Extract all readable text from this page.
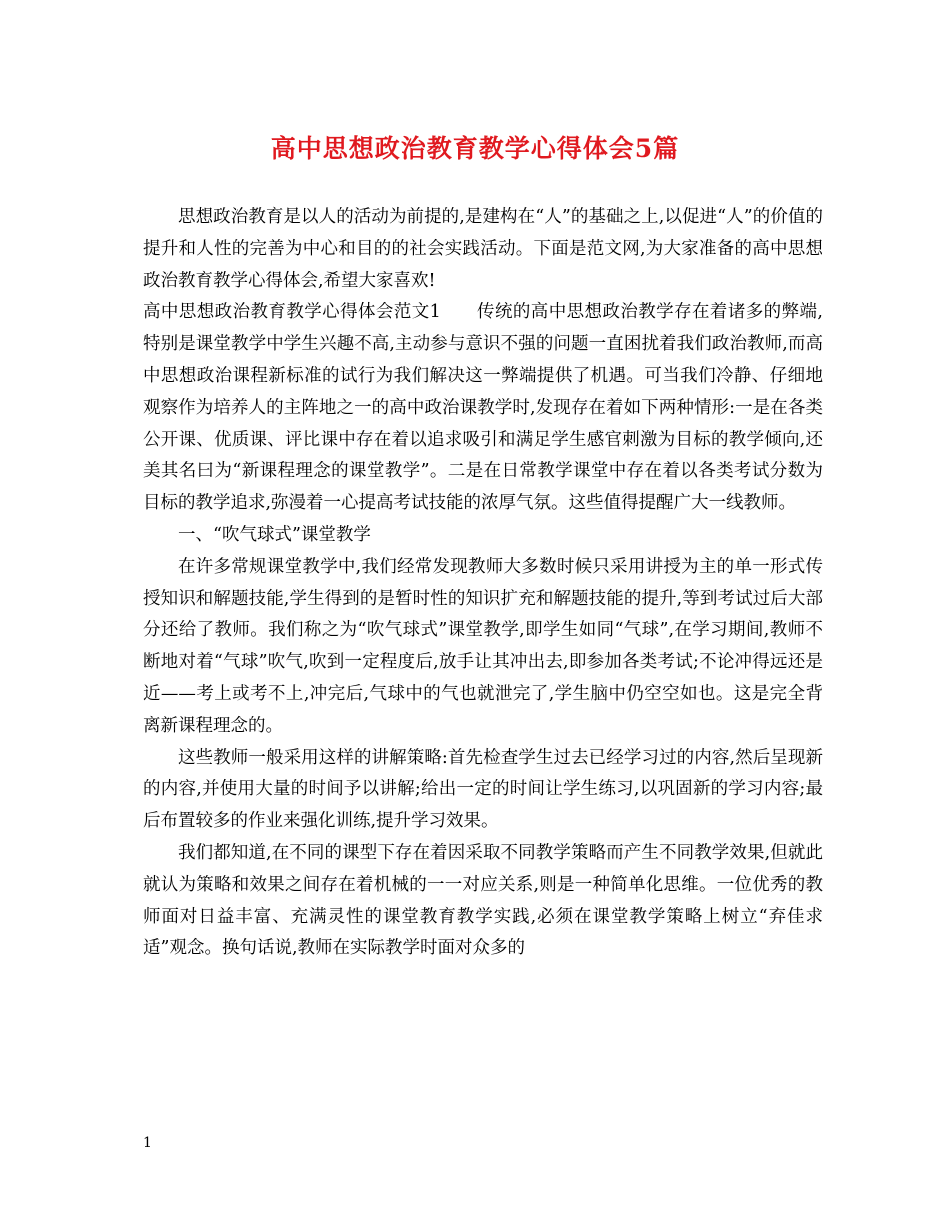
高中思想政治教育教学心得体会5篇

思想政治教育是以人的活动为前提的,是建构在“人”的基础之上,以促进“人”的价值的提升和人性的完善为中心和目的的社会实践活动。下面是范文网,为大家准备的高中思想政治教育教学心得体会,希望大家喜欢!

高中思想政治教育教学心得体会范文1　　传统的高中思想政治教学存在着诸多的弊端,特别是课堂教学中学生兴趣不高,主动参与意识不强的问题一直困扰着我们政治教师,而高中思想政治课程新标准的试行为我们解决这一弊端提供了机遇。可当我们冷静、仔细地观察作为培养人的主阵地之一的高中政治课教学时,发现存在着如下两种情形:一是在各类公开课、优质课、评比课中存在着以追求吸引和满足学生感官刺激为目标的教学倾向,还美其名曰为“新课程理念的课堂教学”。二是在日常教学课堂中存在着以各类考试分数为目标的教学追求,弥漫着一心提高考试技能的浓厚气氛。这些值得提醒广大一线教师。

一、“吹气球式”课堂教学

在许多常规课堂教学中,我们经常发现教师大多数时候只采用讲授为主的单一形式传授知识和解题技能,学生得到的是暂时性的知识扩充和解题技能的提升,等到考试过后大部分还给了教师。我们称之为“吹气球式”课堂教学,即学生如同“气球”,在学习期间,教师不断地对着“气球”吹气,吹到一定程度后,放手让其冲出去,即参加各类考试;不论冲得远还是近——考上或考不上,冲完后,气球中的气也就泄完了,学生脑中仍空空如也。这是完全背离新课程理念的。

这些教师一般采用这样的讲解策略:首先检查学生过去已经学习过的内容,然后呈现新的内容,并使用大量的时间予以讲解;给出一定的时间让学生练习,以巩固新的学习内容;最后布置较多的作业来强化训练,提升学习效果。

我们都知道,在不同的课型下存在着因采取不同教学策略而产生不同教学效果,但就此就认为策略和效果之间存在着机械的一一对应关系,则是一种简单化思维。一位优秀的教师面对日益丰富、充满灵性的课堂教育教学实践,必须在课堂教学策略上树立“弃佳求适”观念。换句话说,教师在实际教学时面对众多的

1
